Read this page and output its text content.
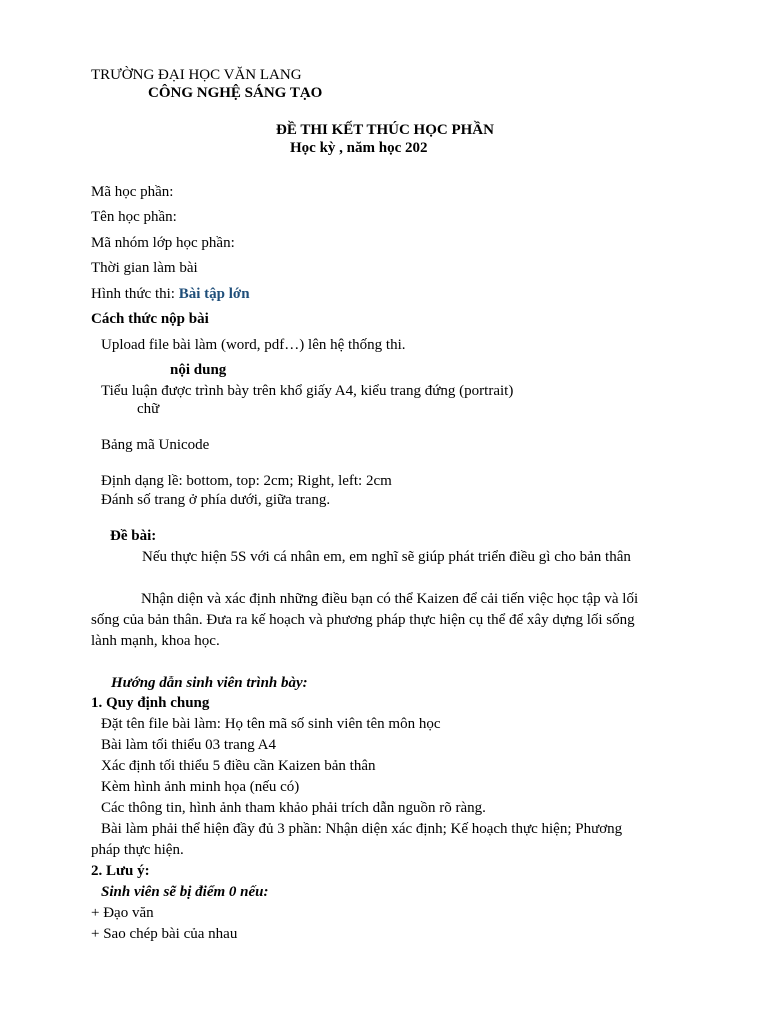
TRƯỜNG ĐẠI HỌC VĂN LANG
CÔNG NGHỆ SÁNG TẠO
ĐỀ THI KẾT THÚC HỌC PHẦN
Học kỳ , năm học 202
Mã học phần:
Tên học phần:
Mã nhóm lớp học phần:
Thời gian làm bài
Hình thức thi: Bài tập lớn
Cách thức nộp bài
Upload file bài làm (word, pdf…) lên hệ thống thi.
nội dung
Tiểu luận được trình bày trên khổ giấy A4, kiểu trang đứng (portrait)
chữ
Bảng mã Unicode
Định dạng lề: bottom, top: 2cm; Right, left: 2cm
Đánh số trang ở phía dưới, giữa trang.
Đề bài:
Nếu thực hiện 5S với cá nhân em, em nghĩ sẽ giúp phát triển điều gì cho bản thân
Nhận diện và xác định những điều bạn có thể Kaizen để cải tiến việc học tập và lối
sống của bản thân. Đưa ra kế hoạch và phương pháp thực hiện cụ thể để xây dựng lối sống
lành mạnh, khoa học.
Hướng dẫn sinh viên trình bày:
1. Quy định chung
Đặt tên file bài làm: Họ tên mã số sinh viên tên môn học
Bài làm tối thiểu 03 trang A4
Xác định tối thiểu 5 điều cần Kaizen bản thân
Kèm hình ảnh minh họa (nếu có)
Các thông tin, hình ảnh tham khảo phải trích dẫn nguồn rõ ràng.
Bài làm phải thể hiện đầy đủ 3 phần: Nhận diện xác định; Kế hoạch thực hiện; Phương
pháp thực hiện.
2. Lưu ý:
Sinh viên sẽ bị điểm 0 nếu:
+ Đạo văn
+ Sao chép bài của nhau
